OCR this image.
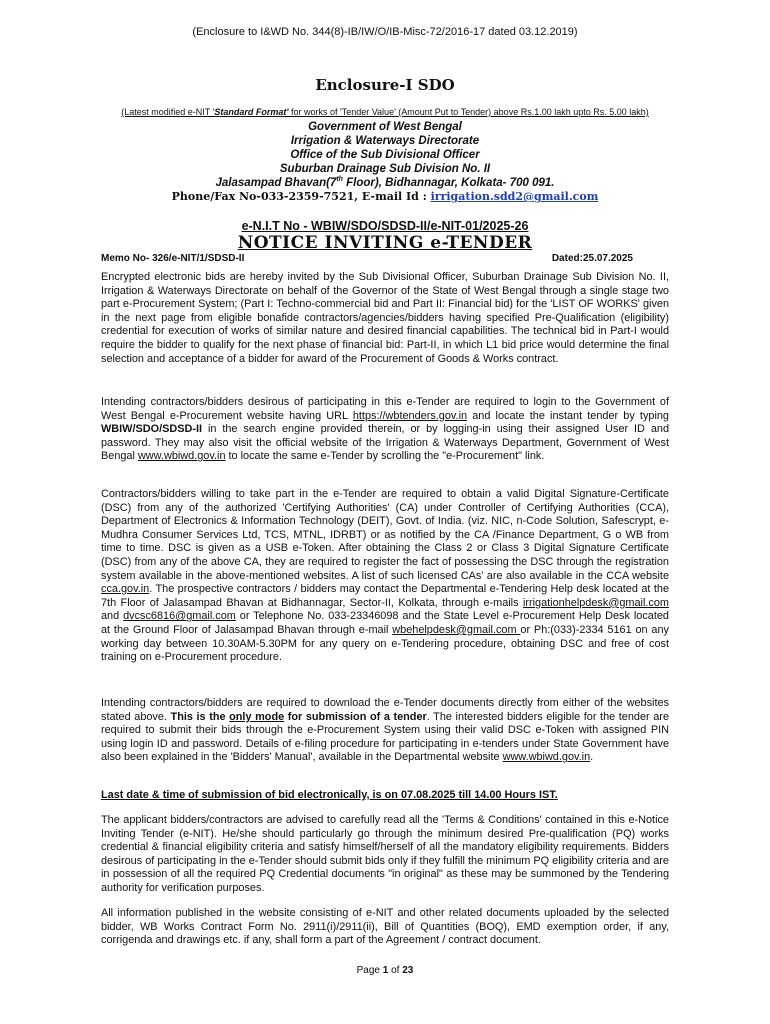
(Enclosure to I&WD No. 344(8)-IB/IW/O/IB-Misc-72/2016-17 dated 03.12.2019)
Enclosure-I SDO
(Latest modified e-NIT 'Standard Format' for works of 'Tender Value' (Amount Put to Tender) above Rs.1.00 lakh upto Rs. 5.00 lakh)
Government of West Bengal
Irrigation & Waterways Directorate
Office of the Sub Divisional Officer
Suburban Drainage Sub Division No. II
Jalasampad Bhavan(7th Floor), Bidhannagar, Kolkata- 700 091.
Phone/Fax No-033-2359-7521, E-mail Id : irrigation.sdd2@gmail.com
e-N.I.T No - WBIW/SDO/SDSD-II/e-NIT-01/2025-26
NOTICE INVITING e-TENDER
Memo No- 326/e-NIT/1/SDSD-II	Dated:25.07.2025
Encrypted electronic bids are hereby invited by the Sub Divisional Officer, Suburban Drainage Sub Division No. II, Irrigation & Waterways Directorate on behalf of the Governor of the State of West Bengal through a single stage two part e-Procurement System; (Part I: Techno-commercial bid and Part II: Financial bid) for the 'LIST OF WORKS' given in the next page from eligible bonafide contractors/agencies/bidders having specified Pre-Qualification (eligibility) credential for execution of works of similar nature and desired financial capabilities. The technical bid in Part-I would require the bidder to qualify for the next phase of financial bid: Part-II, in which L1 bid price would determine the final selection and acceptance of a bidder for award of the Procurement of Goods & Works contract.
Intending contractors/bidders desirous of participating in this e-Tender are required to login to the Government of West Bengal e-Procurement website having URL https://wbtenders.gov.in and locate the instant tender by typing WBIW/SDO/SDSD-II in the search engine provided therein, or by logging-in using their assigned User ID and password. They may also visit the official website of the Irrigation & Waterways Department, Government of West Bengal www.wbiwd.gov.in to locate the same e-Tender by scrolling the "e-Procurement" link.
Contractors/bidders willing to take part in the e-Tender are required to obtain a valid Digital Signature-Certificate (DSC) from any of the authorized 'Certifying Authorities' (CA) under Controller of Certifying Authorities (CCA), Department of Electronics & Information Technology (DEIT), Govt. of India. (viz. NIC, n-Code Solution, Safescrypt, e-Mudhra Consumer Services Ltd, TCS, MTNL, IDRBT) or as notified by the CA /Finance Department, G o WB from time to time. DSC is given as a USB e-Token. After obtaining the Class 2 or Class 3 Digital Signature Certificate (DSC) from any of the above CA, they are required to register the fact of possessing the DSC through the registration system available in the above-mentioned websites. A list of such licensed CAs' are also available in the CCA website cca.gov.in. The prospective contractors / bidders may contact the Departmental e-Tendering Help desk located at the 7th Floor of Jalasampad Bhavan at Bidhannagar, Sector-II, Kolkata, through e-mails irrigationhelpdesk@gmail.com and dvcsc6816@gmail.com or Telephone No. 033-23346098 and the State Level e-Procurement Help Desk located at the Ground Floor of Jalasampad Bhavan through e-mail wbehelpdesk@gmail.com or Ph:(033)-2334 5161 on any working day between 10.30AM-5.30PM for any query on e-Tendering procedure, obtaining DSC and free of cost training on e-Procurement procedure.
Intending contractors/bidders are required to download the e-Tender documents directly from either of the websites stated above. This is the only mode for submission of a tender. The interested bidders eligible for the tender are required to submit their bids through the e-Procurement System using their valid DSC e-Token with assigned PIN using login ID and password. Details of e-filing procedure for participating in e-tenders under State Government have also been explained in the 'Bidders' Manual', available in the Departmental website www.wbiwd.gov.in.
Last date & time of submission of bid electronically, is on 07.08.2025 till 14.00 Hours IST.
The applicant bidders/contractors are advised to carefully read all the 'Terms & Conditions' contained in this e-Notice Inviting Tender (e-NIT). He/she should particularly go through the minimum desired Pre-qualification (PQ) works credential & financial eligibility criteria and satisfy himself/herself of all the mandatory eligibility requirements. Bidders desirous of participating in the e-Tender should submit bids only if they fulfill the minimum PQ eligibility criteria and are in possession of all the required PQ Credential documents "in original" as these may be summoned by the Tendering authority for verification purposes.
All information published in the website consisting of e-NIT and other related documents uploaded by the selected bidder, WB Works Contract Form No. 2911(i)/2911(ii), Bill of Quantities (BOQ), EMD exemption order, if any, corrigenda and drawings etc. if any, shall form a part of the Agreement / contract document.
Page 1 of 23
